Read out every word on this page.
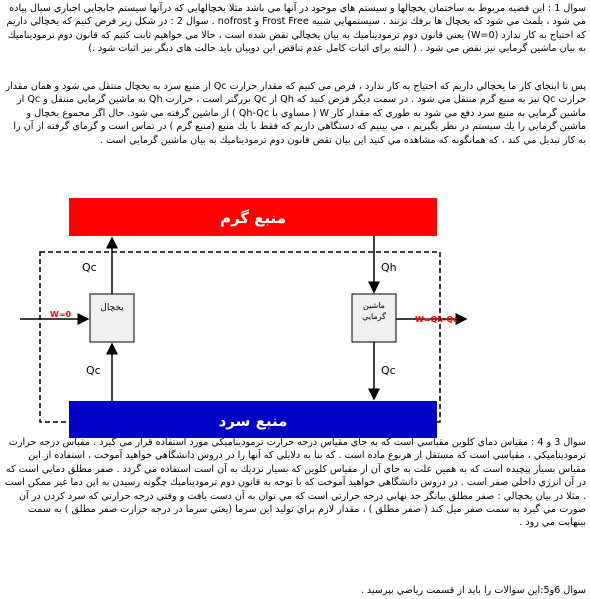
سوال 1 : اين قضيه مربوط به ساختمان يخچالها و سيستم هاي موجود در آنها مي باشد مثلا يخچالهايي كه درآنها سيستم جابجايي اجباري سيال پياده مي شود ، بلمث مي شود كه يخچال ها برفك نزنند . سيستمهايي شبيه Frost Free و nofrost . سوال 2 : در شكل زير فرض كنيم كه يخچالي داريم كه احتياج به كار ندارد (W=0) يعني قانون دوم ترموديناميك به بيان يخچالي نقض شده است ، حالا مي خواهيم ثابت كنيم كه قانون دوم ترموديناميك به بيان ماشين گرمايي نيز نقض مي شود . ( البته براي اثبات كامل عدم تناقض اين دوبيان بايد حالت هاي ديگر نيز اثبات شود .)

پس تا اينجاي كار ما يخچالي داريم كه احتياج به كار ندارد ، فرض مي كنيم كه مقدار حرارت Qc از منبع سرد به يخچال منتقل مي شود و همان مقدار حرارت Qc نيز به منبع گرم منتقل مي شود . در سمت ديگر فرض كنيد كه Qh از Qc بزرگتر است ، حرارت Qh به ماشين گرمايي منتقل و Qc از ماشين گرمايي به منبع سرد دفع مي شود به طوري كه مقدار كار W ( مساوي با Qh-Qc ) از ماشين گرفته مي شود. حال اگر مجموع يخچال و ماشين گرمايي را يك سيستم در نظر بگيريم ، مي بينيم كه دستگاهي داريم كه فقط با يك منبع (منبع گرم ) در تماس است و گرماي گرفته از آن را به كار تبديل مي كند ، كه همانگونه كه مشاهده مي كنيد اين بيان نقض قانون دوم ترموديناميك به بيان ماشين گرمايي است .

منبع گرم
منبع سرد
يخچال	ماشين
گرمايي
Qc	Qh
Qc	Qc
W=0
W=Qh-Qc

سوال 3 و 4 : مقياس دماي كلوين مقياسي است كه به جاي مقياس درجه حرارت ترموديناميكي مورد استفاده قرار مي گيرد . مقياس درجه حرارت ترموديناميكي ، مقياسي است كه مستقل از هرنوع ماده است . كه بنا به دلايلي كه آنها را در دروس دانشگاهي خواهيد آموخت ، استفاده از اين مقياس بسيار پيچيده است كه به همين علت به جاي آن از مقياس كلوين كه بسيار نزديك به آن است استفاده مي گردد . صفر مطلق دمايي است كه در آن انرژي داخلي صفر است . در دروس دانشگاهي خواهيد آموخت كه با توجه به قانون دوم ترموديناميك چگونه رسيدن به اين دما غير ممكن است . مثلا در بيان يخچالي : صفر مطلق بيانگر حد نهايي درجه حرارتي است كه مي توان به آن دست يافت و وقتي درجه حرارتي كه سرد كردن در آن صورت مي گيرد به سمت صفر ميل كند ( صفر مطلق ) ، مقدار لازم براي توليد اين سرما (يعني سرما در درجه حرارت صفر مطلق ) به سمت بينهايت مي رود .

سوال 6و5:اين سوالات را بايد از قسمت رياضي بپرسيد .
